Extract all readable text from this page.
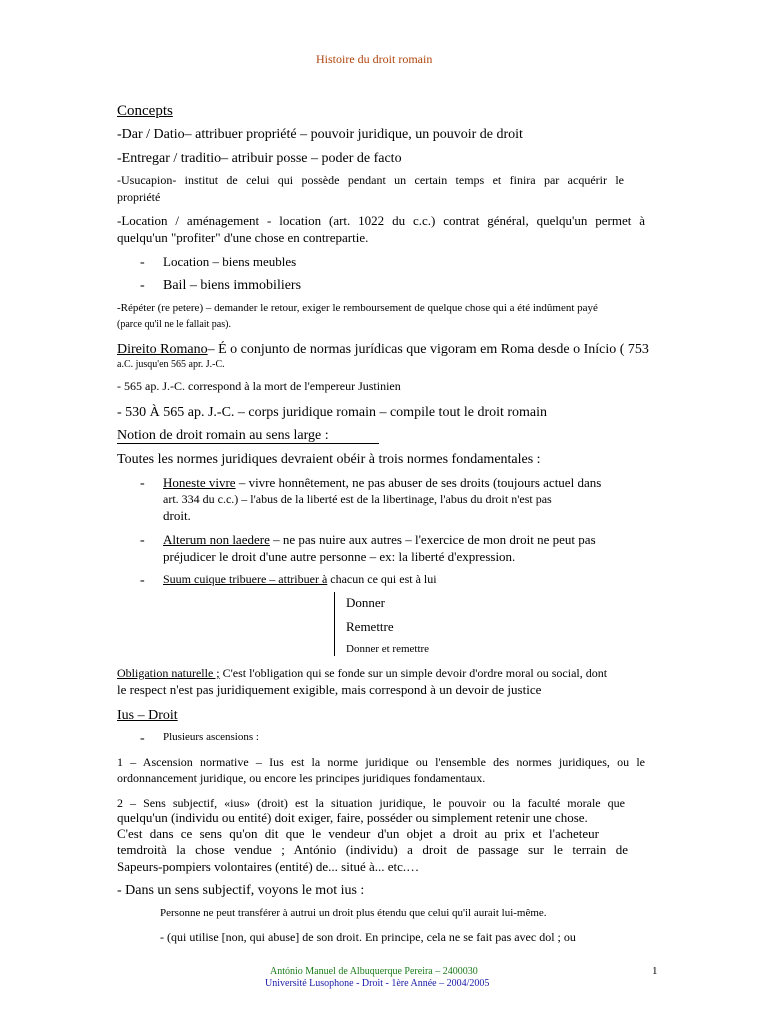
Histoire du droit romain
Concepts
-Dar / Datio– attribuer propriété – pouvoir juridique, un pouvoir de droit
-Entregar / traditio– atribuir posse – poder de facto
-Usucapion- institut de celui qui possède pendant un certain temps et finira par acquérir le
propriété
-Location / aménagement - location (art. 1022 du c.c.) contrat général, quelqu'un permet à
quelqu'un "profiter" d'une chose en contrepartie.
- Location – biens meubles
- Bail – biens immobiliers
-Répéter (re petere) – demander le retour, exiger le remboursement de quelque chose qui a été indûment payé
(parce qu'il ne le fallait pas).
Direito Romano– É o conjunto de normas jurídicas que vigoram em Roma desde o Início ( 753
a.C. jusqu'en 565 apr. J.-C.
- 565 ap. J.-C. correspond à la mort de l'empereur Justinien
- 530 À 565 ap. J.-C. – corps juridique romain – compile tout le droit romain
Notion de droit romain au sens large :
Toutes les normes juridiques devraient obéir à trois normes fondamentales :
- Honeste vivre – vivre honnêtement, ne pas abuser de ses droits (toujours actuel dans
art. 334 du c.c.) – l'abus de la liberté est de la libertinage, l'abus du droit n'est pas
droit.
- Alterum non laedere – ne pas nuire aux autres – l'exercice de mon droit ne peut pas
préjudicer le droit d'une autre personne – ex: la liberté d'expression.
- Suum cuique tribuere – attribuer à chacun ce qui est à lui
Donner
Remettre
Donner et remettre
Obligation naturelle ; C'est l'obligation qui se fonde sur un simple devoir d'ordre moral ou social, dont
le respect n'est pas juridiquement exigible, mais correspond à un devoir de justice
Ius – Droit
- Plusieurs ascensions :
1 – Ascension normative – Ius est la norme juridique ou l'ensemble des normes juridiques, ou le
ordonnancement juridique, ou encore les principes juridiques fondamentaux.
2 – Sens subjectif, «ius» (droit) est la situation juridique, le pouvoir ou la faculté morale que
quelqu'un (individu ou entité) doit exiger, faire, posséder ou simplement retenir une chose.
C'est dans ce sens qu'on dit que le vendeur d'un objet a droit au prix et l'acheteur
temdroità la chose vendue ; António (individu) a droit de passage sur le terrain de
Sapeurs-pompiers volontaires (entité) de... situé à... etc.…
- Dans un sens subjectif, voyons le mot ius :
Personne ne peut transférer à autrui un droit plus étendu que celui qu'il aurait lui-même.
- (qui utilise [non, qui abuse] de son droit. En principe, cela ne se fait pas avec dol ; ou
António Manuel de Albuquerque Pereira – 2400030
Université Lusophone - Droit - 1ère Année – 2004/2005
1
